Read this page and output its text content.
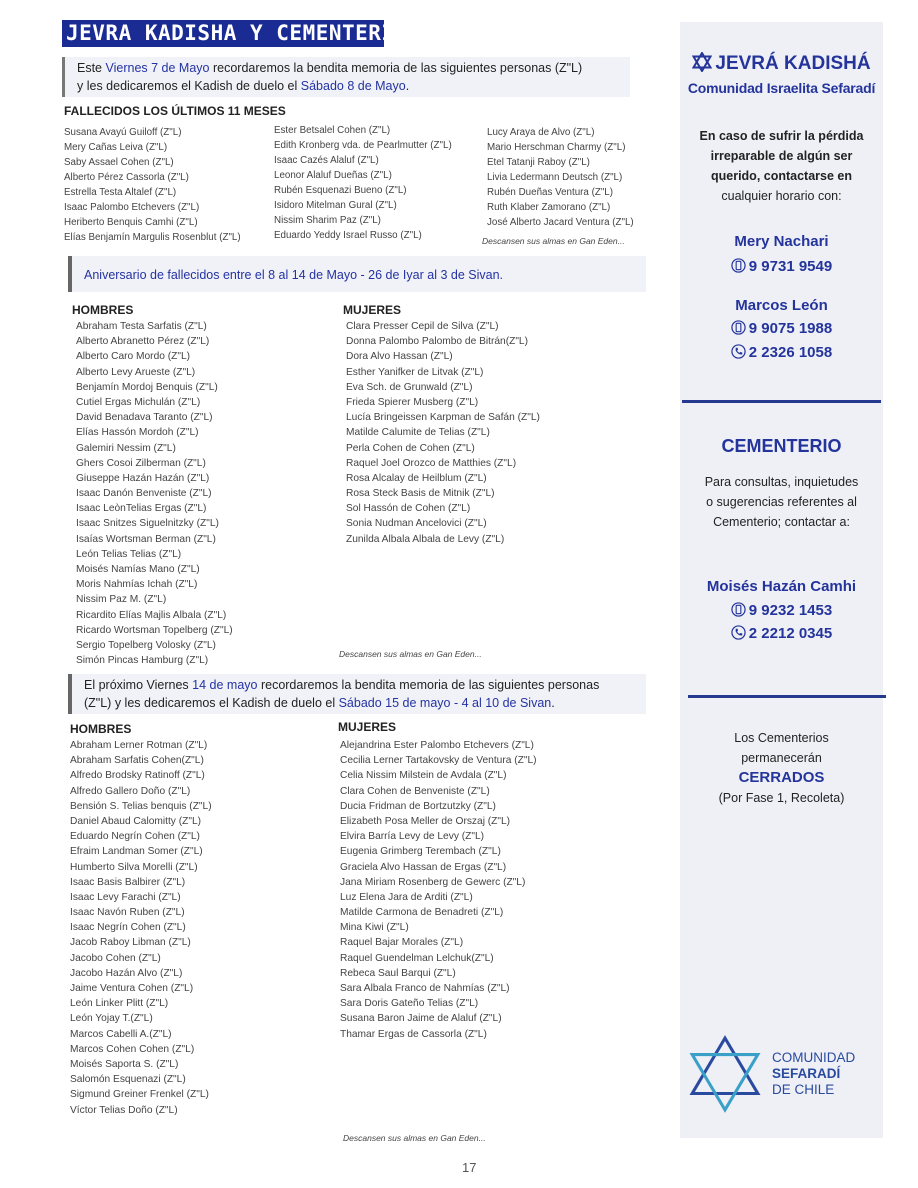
JEVRA KADISHA Y CEMENTERIO
Este Viernes 7 de Mayo recordaremos la bendita memoria de las siguientes personas (Z"L)
y les dedicaremos el Kadish de duelo el Sábado 8 de Mayo.
FALLECIDOS LOS ÚLTIMOS 11 MESES
Susana Avayú Guiloff (Z"L)
Mery Cañas Leiva (Z"L)
Saby Assael Cohen (Z"L)
Alberto Pérez Cassorla (Z"L)
Estrella Testa Altalef (Z"L)
Isaac Palombo Etchevers (Z"L)
Heriberto Benquis Camhi (Z"L)
Elías Benjamín Margulis Rosenblut (Z"L)
Ester Betsalel Cohen (Z"L)
Edith Kronberg vda. de Pearlmutter (Z"L)
Isaac Cazés Alaluf (Z"L)
Leonor Alaluf Dueñas (Z"L)
Rubén Esquenazi Bueno (Z"L)
Isidoro Mitelman Gural (Z"L)
Nissim Sharim Paz (Z"L)
Eduardo Yeddy Israel Russo (Z"L)
Lucy Araya de Alvo (Z"L)
Mario Herschman Charmy (Z"L)
Etel Tatanji Raboy (Z"L)
Livia Ledermann Deutsch (Z"L)
Rubén Dueñas Ventura (Z"L)
Ruth Klaber Zamorano (Z"L)
José Alberto Jacard Ventura (Z"L)
Descansen sus almas en Gan Eden...
Aniversario de fallecidos entre el 8 al 14 de Mayo - 26 de Iyar al 3 de Sivan.
HOMBRES	MUJERES
Abraham Testa Sarfatis (Z"L)
Alberto Abranetto Pérez (Z"L)
Alberto Caro Mordo (Z"L)
Alberto Levy Arueste (Z"L)
Benjamín Mordoj Benquis (Z"L)
Cutiel Ergas Michulán (Z"L)
David Benadava Taranto (Z"L)
Elías Hassón Mordoh (Z"L)
Galemiri Nessim (Z"L)
Ghers Cosoi Zilberman (Z"L)
Giuseppe Hazán Hazán (Z"L)
Isaac Danón Benveniste (Z"L)
Isaac LeònTelias Ergas (Z"L)
Isaac Snitzes Siguelnitzky (Z"L)
Isaías Wortsman Berman (Z"L)
León Telias Telias (Z"L)
Moisés Namías Mano (Z"L)
Moris Nahmías Ichah (Z"L)
Nissim Paz M. (Z"L)
Ricardito Elías Majlis Albala (Z"L)
Ricardo Wortsman Topelberg (Z"L)
Sergio Topelberg Volosky (Z"L)
Simón Pincas Hamburg (Z"L)
Clara Presser Cepil de Silva (Z"L)
Donna Palombo Palombo de Bitrán(Z"L)
Dora Alvo Hassan (Z"L)
Esther Yanifker de Litvak (Z"L)
Eva Sch. de Grunwald (Z"L)
Frieda Spierer Musberg (Z"L)
Lucía Bringeissen Karpman de Safán (Z"L)
Matilde Calumite de Telias (Z"L)
Perla Cohen de Cohen (Z"L)
Raquel Joel Orozco de Matthies (Z"L)
Rosa Alcalay de Heilblum (Z"L)
Rosa Steck Basis de Mitnik (Z"L)
Sol Hassón de Cohen (Z"L)
Sonia Nudman Ancelovici (Z"L)
Zunilda Albala Albala de Levy (Z"L)
Descansen sus almas en Gan Eden...
El próximo Viernes 14 de mayo recordaremos la bendita memoria de las siguientes personas
(Z"L) y les dedicaremos el Kadish de duelo el Sábado 15 de mayo - 4 al 10 de Sivan.
HOMBRES	MUJERES
Abraham Lerner Rotman (Z"L)
Abraham Sarfatis Cohen(Z"L)
Alfredo Brodsky Ratinoff (Z"L)
Alfredo Gallero Doño (Z"L)
Bensión S. Telias benquis (Z"L)
Daniel Abaud Calomitty (Z"L)
Eduardo Negrín Cohen (Z"L)
Efraim Landman Somer (Z"L)
Humberto Silva Morelli (Z"L)
Isaac Basis Balbirer (Z"L)
Isaac Levy Farachi (Z"L)
Isaac Navón Ruben (Z"L)
Isaac Negrín Cohen (Z"L)
Jacob Raboy Libman (Z"L)
Jacobo Cohen (Z"L)
Jacobo Hazán Alvo (Z"L)
Jaime Ventura Cohen (Z"L)
León Linker Plitt (Z"L)
León Yojay T.(Z"L)
Marcos Cabelli A.(Z"L)
Marcos Cohen Cohen (Z"L)
Moisés Saporta S. (Z"L)
Salomón Esquenazi (Z"L)
Sigmund Greiner Frenkel (Z"L)
Víctor Telias Doño (Z"L)
Alejandrina Ester Palombo Etchevers (Z"L)
Cecilia Lerner Tartakovsky de Ventura (Z"L)
Celia Nissim Milstein de Avdala (Z"L)
Clara Cohen de Benveniste (Z"L)
Ducia Fridman de Bortzutzky (Z"L)
Elizabeth Posa Meller de Orszaj (Z"L)
Elvira Barría Levy de Levy (Z"L)
Eugenia Grimberg Terembach (Z"L)
Graciela Alvo Hassan de Ergas (Z"L)
Jana Miriam Rosenberg de Gewerc (Z"L)
Luz Elena Jara de Arditi (Z"L)
Matilde Carmona de Benadreti (Z"L)
Mina Kiwi (Z"L)
Raquel Bajar Morales (Z"L)
Raquel Guendelman Lelchuk(Z"L)
Rebeca Saul Barqui (Z"L)
Sara Albala Franco de Nahmías (Z"L)
Sara Doris Gateño Telias (Z"L)
Susana Baron Jaime de Alaluf (Z"L)
Thamar Ergas de Cassorla (Z"L)
Descansen sus almas en Gan Eden...
17
JEVRÁ KADISHÁ
Comunidad Israelita Sefaradí
En caso de sufrir la pérdida
irreparable de algún ser
querido, contactarse en
cualquier horario con:
Mery Nachari
9 9731 9549
Marcos León
9 9075 1988
2 2326 1058
CEMENTERIO
Para consultas, inquietudes
o sugerencias referentes al
Cementerio; contactar a:
Moisés Hazán Camhi
9 9232 1453
2 2212 0345
Los Cementerios
permanecerán
CERRADOS
(Por Fase 1, Recoleta)
COMUNIDAD
SEFARADÍ
DE CHILE
